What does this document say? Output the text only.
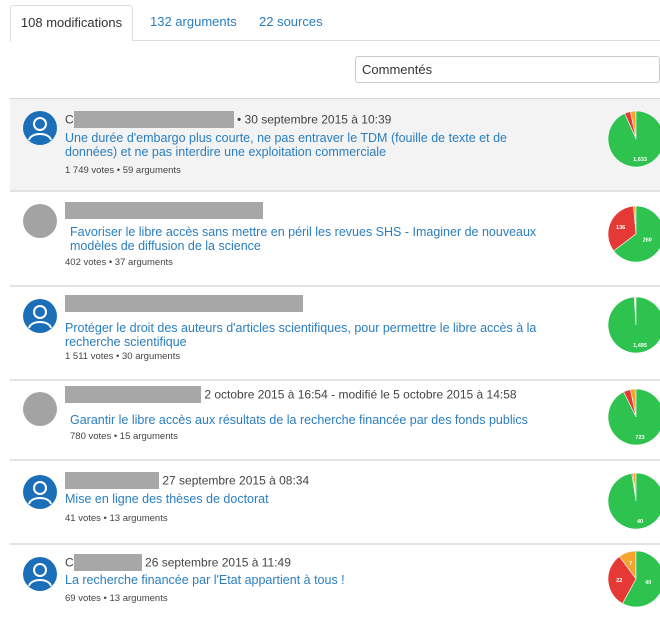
108 modifications	132 arguments	22 sources
Commentés
C	• 30 septembre 2015 à 10:39
Une durée d'embargo plus courte, ne pas entraver le TDM (fouille de texte et de données) et ne pas interdire une exploitation commerciale
1 749 votes • 59 arguments
1,633
Favoriser le libre accès sans mettre en péril les revues SHS - Imaginer de nouveaux modèles de diffusion de la science
402 votes • 37 arguments
136
260
Protéger le droit des auteurs d'articles scientifiques, pour permettre le libre accès à la recherche scientifique
1 511 votes • 30 arguments
1,495
2 octobre 2015 à 16:54 - modifié le 5 octobre 2015 à 14:58
Garantir le libre accès aux résultats de la recherche financée par des fonds publics
780 votes • 15 arguments	723
27 septembre 2015 à 08:34
Mise en ligne des thèses de doctorat
41 votes • 13 arguments	40
C	26 septembre 2015 à 11:49
La recherche financée par l'Etat appartient à tous !
69 votes • 13 arguments
7
22	40
